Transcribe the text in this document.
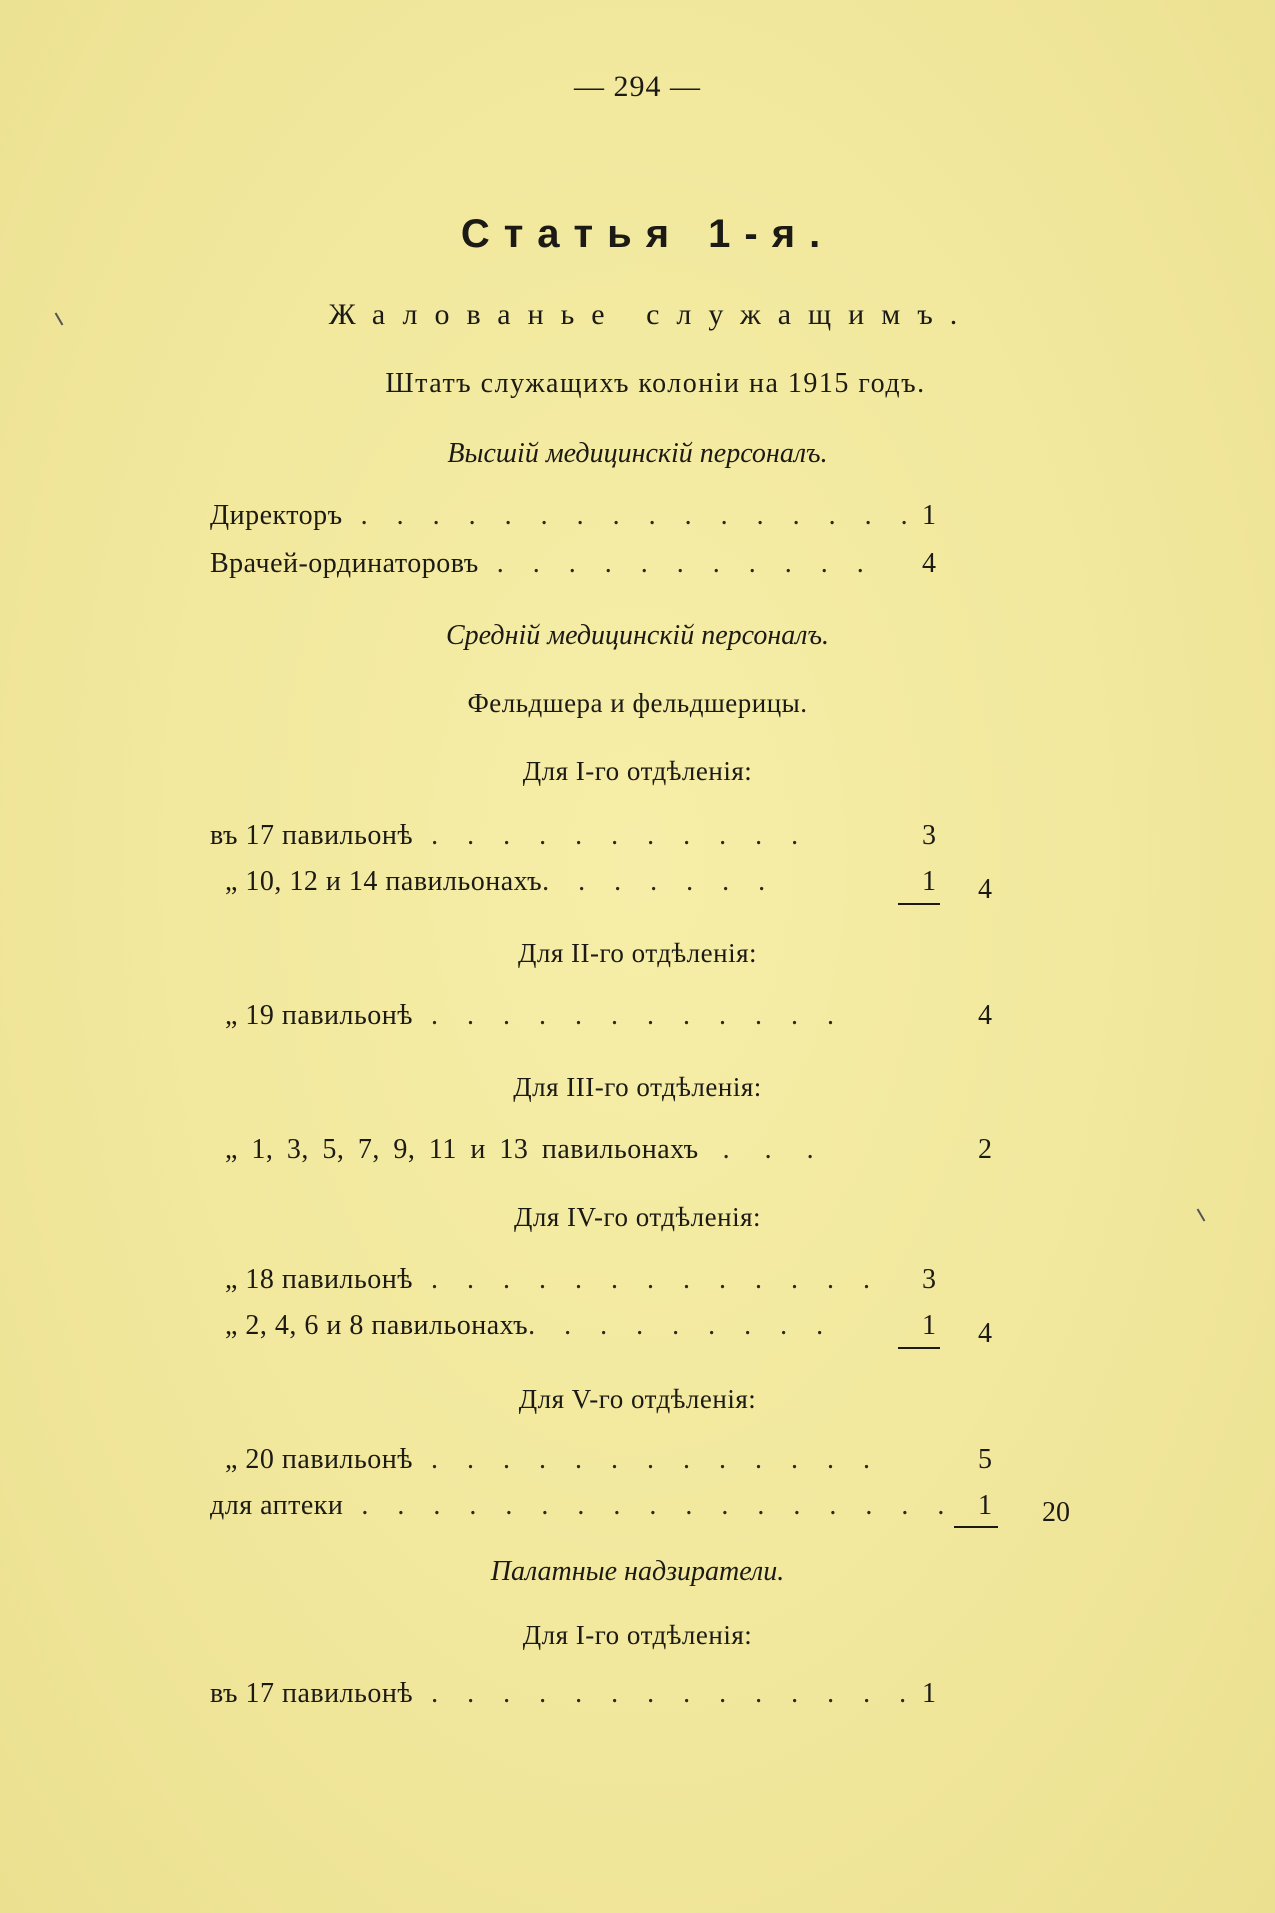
— 294 —
Статья 1-я.
Жалованье служащимъ.
Штатъ служащихъ колоніи на 1915 годъ.
Высшій медицинскій персоналъ.
Директоръ . . . . . . . . . . . . . . . . 1
Врачей-ординаторовъ . . . . . . . . . . . 4
Средній медицинскій персоналъ.
Фельдшера и фельдшерицы.
Для I-го отдѣленія:
въ 17 павильонѣ . . . . . . . . . . .	3
„ 10, 12 и 14 павильонахъ. . . . . . .	1 4
Для II-го отдѣленія:
„ 19 павильонѣ . . . . . . . . . . . .	4
Для III-го отдѣленія:
„ 1, 3, 5, 7, 9, 11 и 13 павильонахъ . . .	2
Для IV-го отдѣленія:
„ 18 павильонѣ . . . . . . . . . . . . . 3
„ 2, 4, 6 и 8 павильонахъ. . . . . . . . .	1 4
Для V-го отдѣленія:
„ 20 павильонѣ . . . . . . . . . . . . .	5
для аптеки . . . . . . . . . . . . . . . . . 1 20
Палатные надзиратели.
Для I-го отдѣленія:
въ 17 павильонѣ . . . . . . . . . . . . . . 1
